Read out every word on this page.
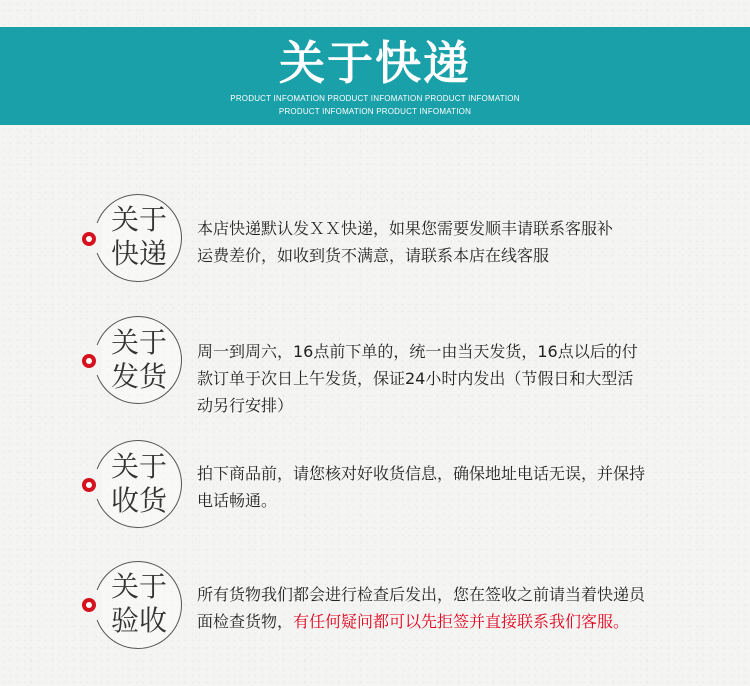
关于快递
PRODUCT INFOMATION PRODUCT INFOMATION PRODUCT INFOMATION
PRODUCT INFOMATION PRODUCT INFOMATION
关于
快递
本店快递默认发ＸＸ快递，如果您需要发顺丰请联系客服补
运费差价，如收到货不满意，请联系本店在线客服
关于
发货
周一到周六，16点前下单的，统一由当天发货，16点以后的付
款订单于次日上午发货，保证24小时内发出（节假日和大型活
动另行安排）
关于
收货
拍下商品前，请您核对好收货信息，确保地址电话无误，并保持
电话畅通。
关于
验收
所有货物我们都会进行检查后发出，您在签收之前请当着快递员
面检查货物，有任何疑问都可以先拒签并直接联系我们客服。
